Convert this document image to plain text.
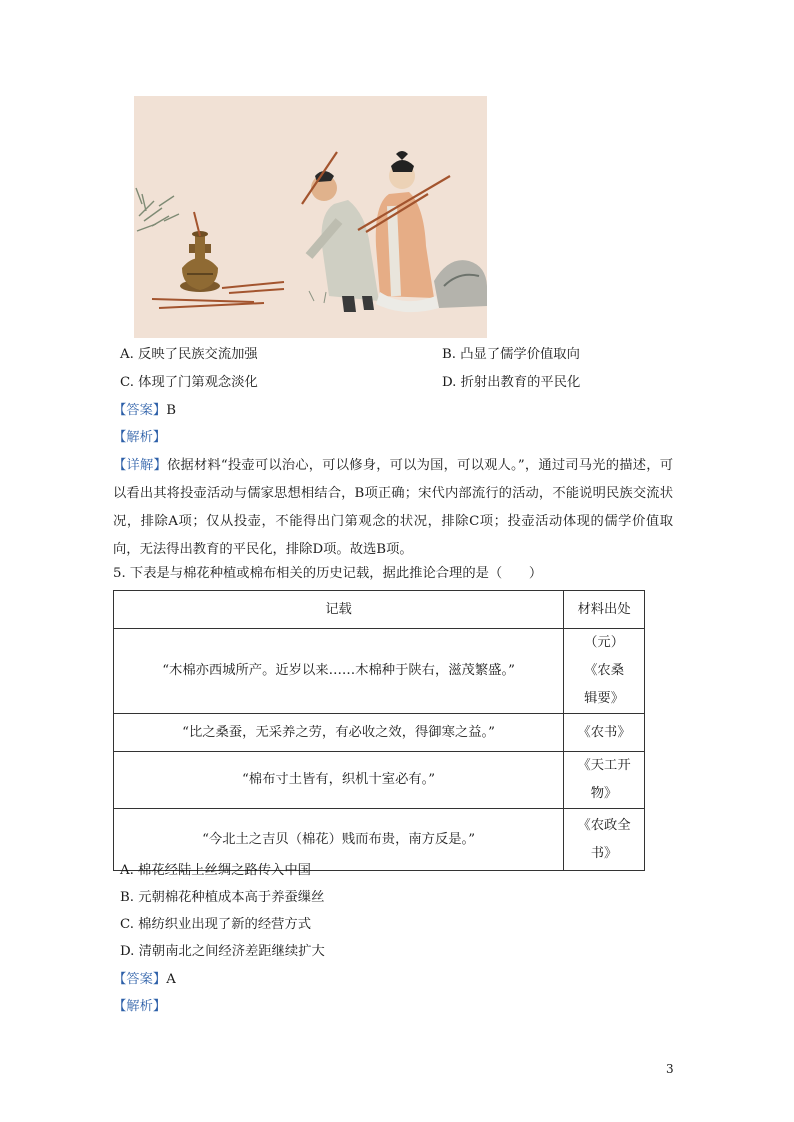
A. 反映了民族交流加强	B. 凸显了儒学价值取向
C. 体现了门第观念淡化	D. 折射出教育的平民化
【答案】B
【解析】
【详解】依据材料“投壶可以治心，可以修身，可以为国，可以观人。”，通过司马光的描述，可以看出其将投壶活动与儒家思想相结合，B项正确；宋代内部流行的活动，不能说明民族交流状况，排除A项；仅从投壶，不能得出门第观念的状况，排除C项；投壶活动体现的儒学价值取向，无法得出教育的平民化，排除D项。故选B项。
5. 下表是与棉花种植或棉布相关的历史记载，据此推论合理的是（　　）
记载	材料出处
“木棉亦西城所产。近岁以来……木棉种于陕右，滋茂繁盛。”	（元）《农桑辑要》
“比之桑蚕，无采养之劳，有必收之效，得御寒之益。”	《农书》
“棉布寸土皆有，织机十室必有。”	《天工开物》
“今北土之吉贝（棉花）贱而布贵，南方反是。”	《农政全书》
A. 棉花经陆上丝绸之路传入中国
B. 元朝棉花种植成本高于养蚕缫丝
C. 棉纺织业出现了新的经营方式
D. 清朝南北之间经济差距继续扩大
【答案】A
【解析】
3
